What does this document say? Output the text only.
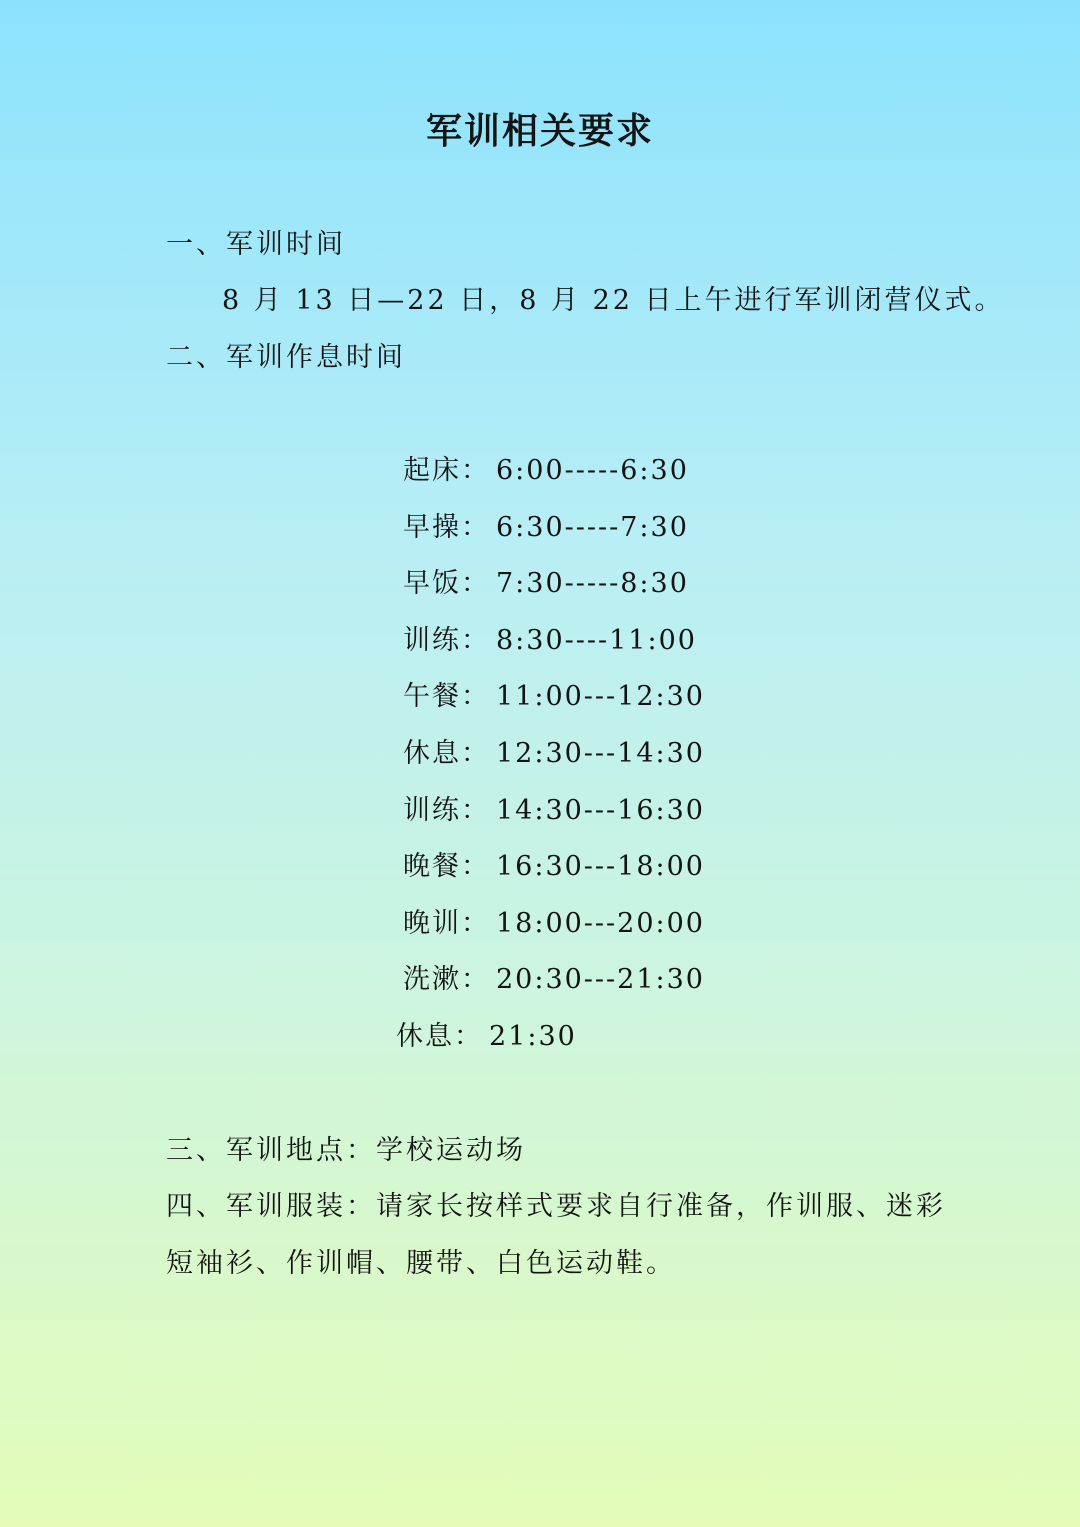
军训相关要求
一、军训时间
8 月 13 日—22 日，8 月 22 日上午进行军训闭营仪式。
二、军训作息时间
起床： 6:00-----6:30
早操： 6:30-----7:30
早饭： 7:30-----8:30
训练： 8:30----11:00
午餐： 11:00---12:30
休息： 12:30---14:30
训练： 14:30---16:30
晚餐： 16:30---18:00
晚训： 18:00---20:00
洗漱： 20:30---21:30
休息： 21:30
三、军训地点：学校运动场
四、军训服装：请家长按样式要求自行准备，作训服、迷彩
短袖衫、作训帽、腰带、白色运动鞋。
